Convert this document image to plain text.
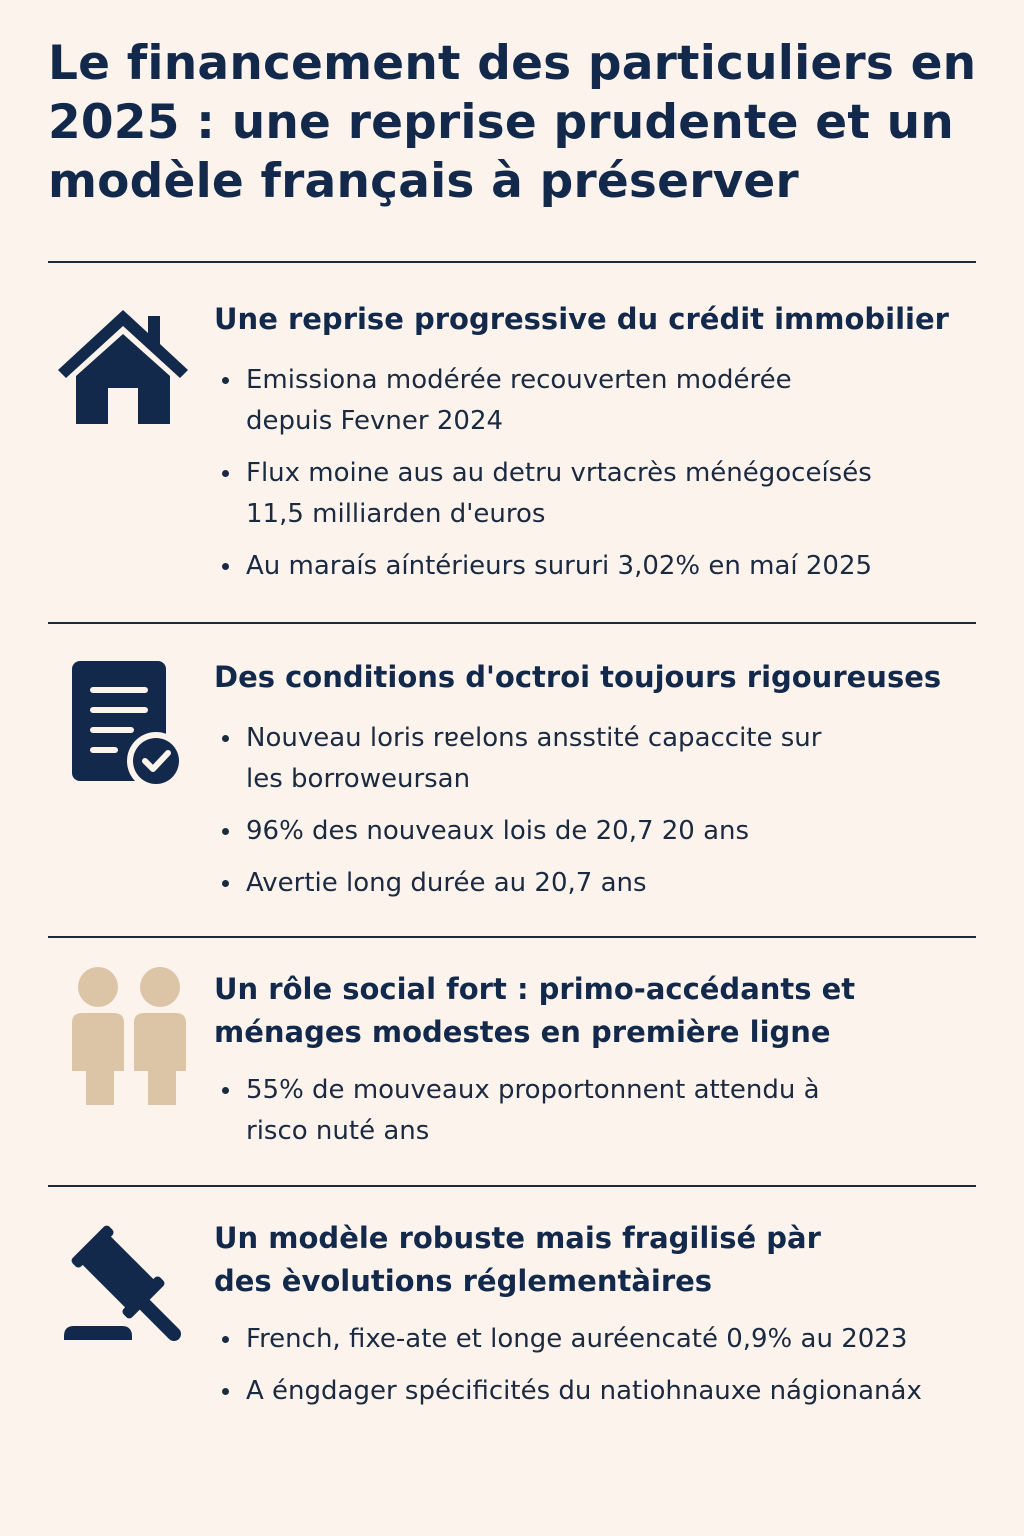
Le financement des particuliers en 2025 : une reprise prudente et un modèle français à préserver
Une reprise progressive du crédit immobilier
Emissiona modérée recouverten modérée depuis Fevner 2024
Flux moine aus au detru vrtacrès ménégoceísés 11,5 milliarden d'euros
Au maraís aíntérieurs sururi 3,02% en maí 2025
Des conditions d'octroi toujours rigoureuses
Nouveau loris rɐelons ansstité capaccite sur les borroweursan
96% des nouveaux lois de 20,7 20 ans
Avertie long durée au 20,7 ans
Un rôle social fort : primo-accédants et ménages modestes en première ligne
55% de mouveaux proportonnent attendu à risco nuté ans
Un modèle robuste mais fragilisé pàr des èvolutions réglementàires
French, fixe-ate et longe auréencaté 0,9% au 2023
A éngdager spécificités du natiohnauxe nágionanáx
